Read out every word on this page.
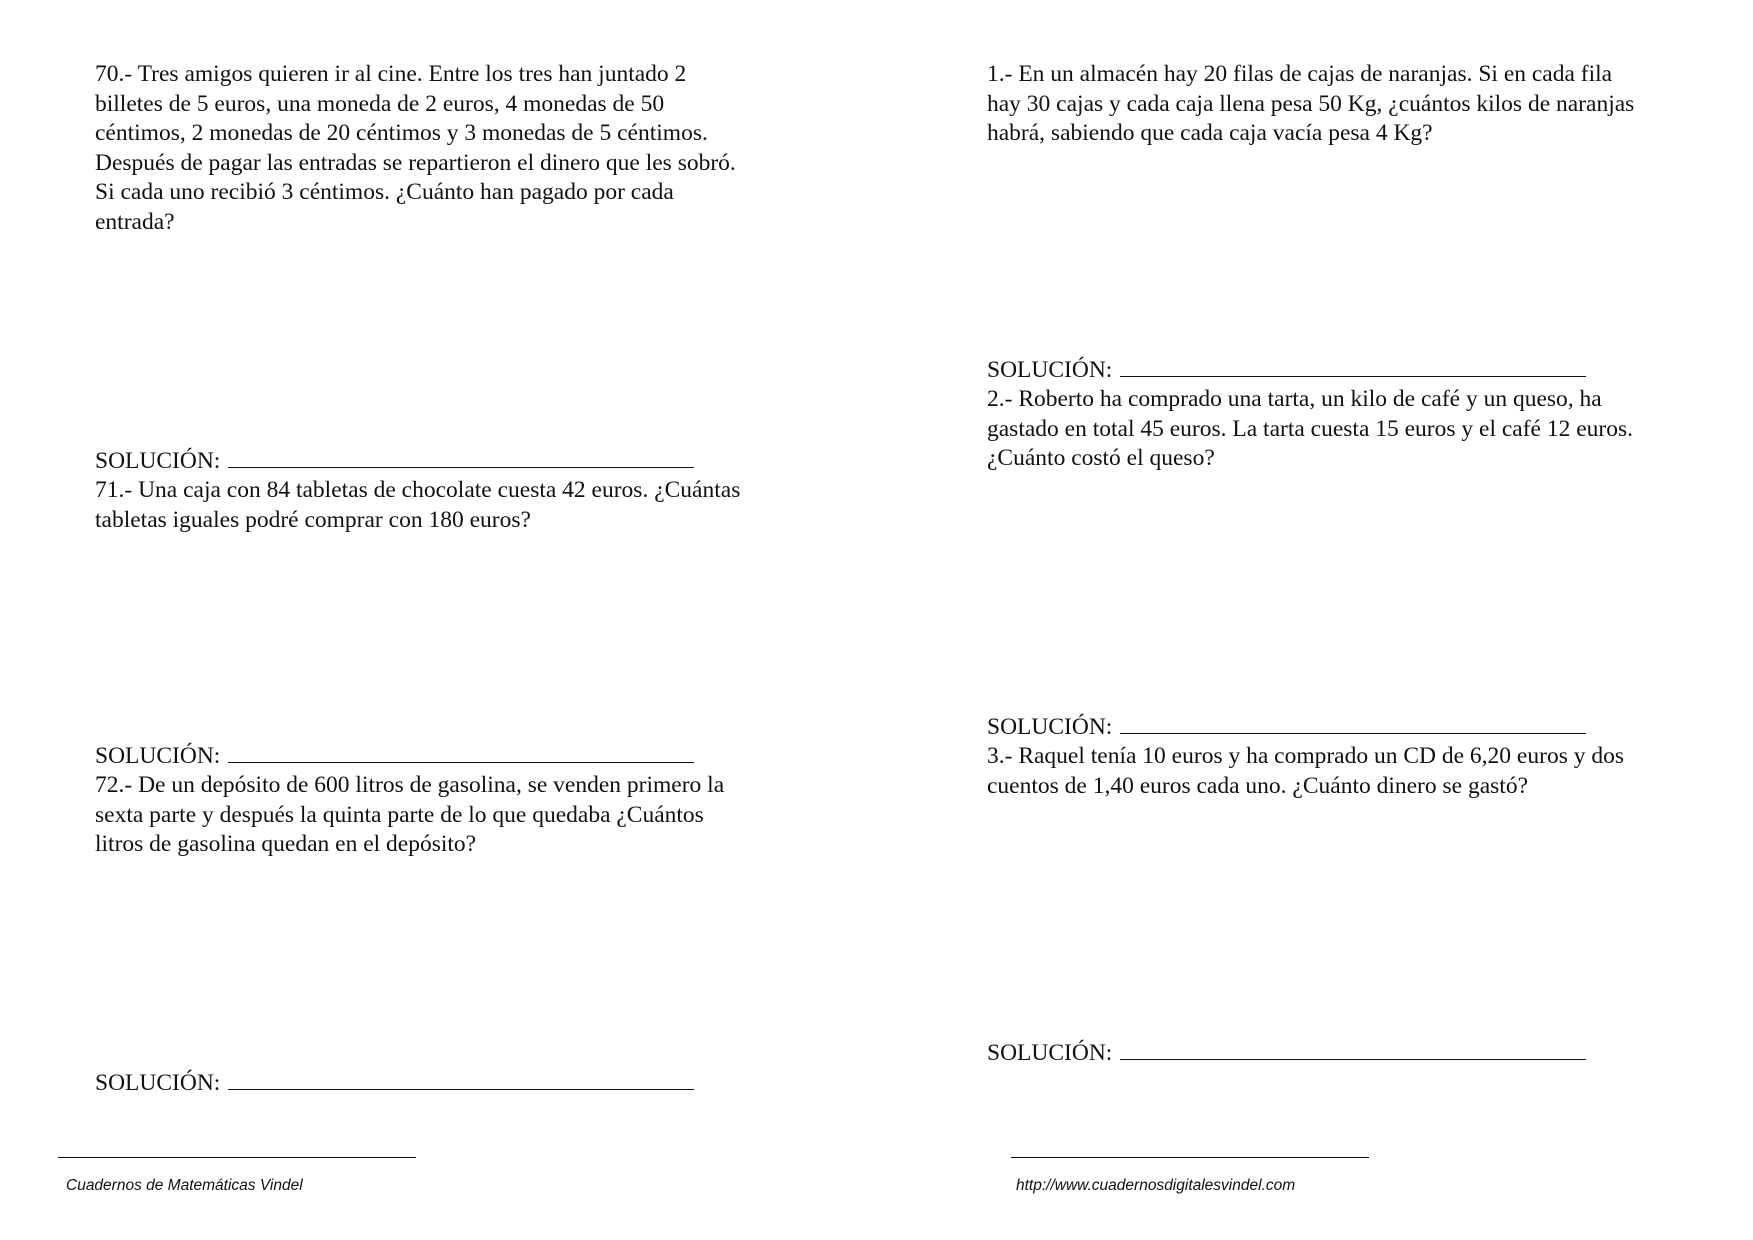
70.- Tres amigos quieren ir al cine. Entre los tres han juntado 2
billetes de 5 euros, una moneda de 2 euros, 4 monedas de 50
céntimos, 2 monedas de 20 céntimos y 3 monedas de 5 céntimos.
Después de pagar las entradas se repartieron el dinero que les sobró.
Si cada uno recibió 3 céntimos. ¿Cuánto han pagado por cada
entrada?

SOLUCIÓN:

71.- Una caja con 84 tabletas de chocolate cuesta 42 euros. ¿Cuántas
tabletas iguales podré comprar con 180 euros?

SOLUCIÓN:

72.- De un depósito de 600 litros de gasolina, se venden primero la
sexta parte y después la quinta parte de lo que quedaba ¿Cuántos
litros de gasolina quedan en el depósito?

SOLUCIÓN:

1.- En un almacén hay 20 filas de cajas de naranjas. Si en cada fila
hay 30 cajas y cada caja llena pesa 50 Kg, ¿cuántos kilos de naranjas
habrá, sabiendo que cada caja vacía pesa 4 Kg?

SOLUCIÓN:

2.- Roberto ha comprado una tarta, un kilo de café y un queso, ha
gastado en total 45 euros. La tarta cuesta 15 euros y el café 12 euros.
¿Cuánto costó el queso?

SOLUCIÓN:

3.- Raquel tenía 10 euros y ha comprado un CD de 6,20 euros y dos
cuentos de 1,40 euros cada uno. ¿Cuánto dinero se gastó?

SOLUCIÓN:
Cuadernos de Matemáticas Vindel	http://www.cuadernosdigitalesvindel.com
